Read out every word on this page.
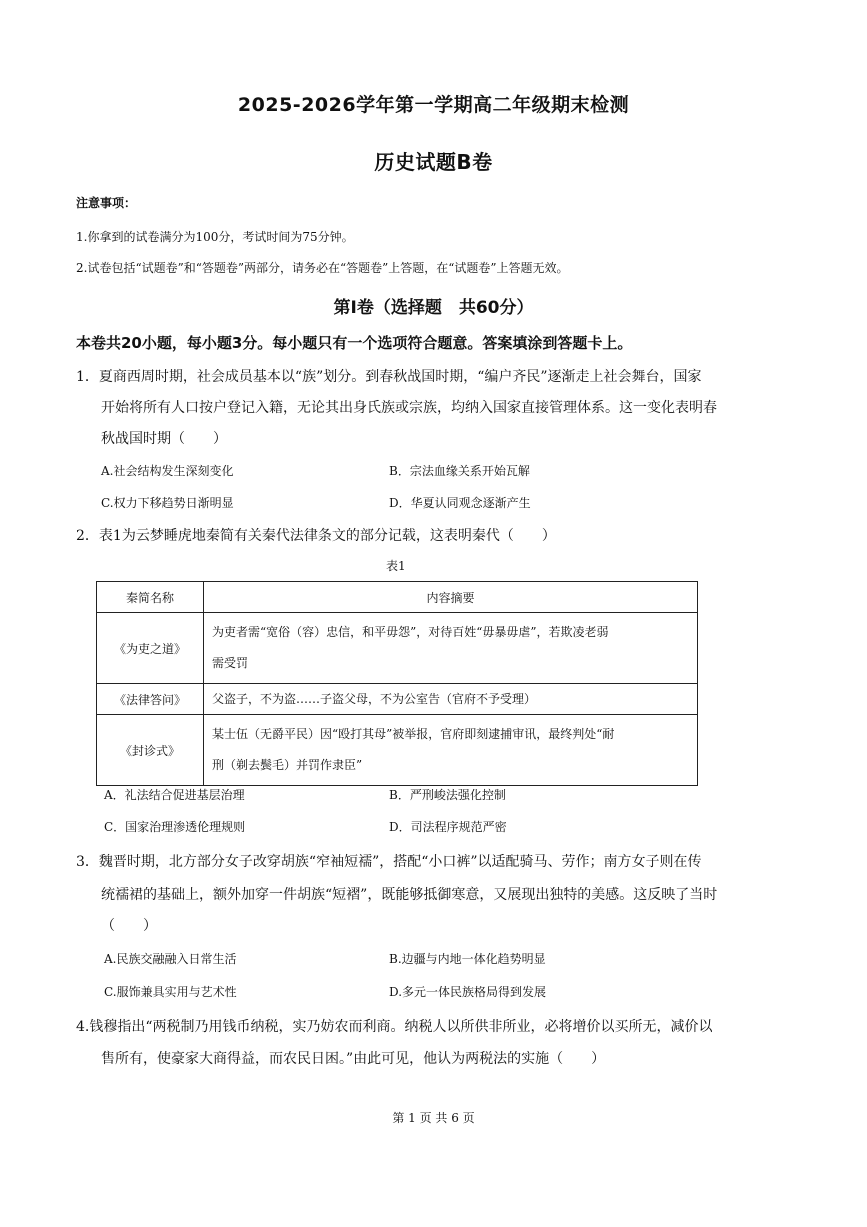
2025-2026学年第一学期高二年级期末检测
历史试题B卷
注意事项：
1.你拿到的试卷满分为100分，考试时间为75分钟。
2.试卷包括“试题卷”和“答题卷”两部分，请务必在“答题卷”上答题，在“试题卷”上答题无效。
第Ⅰ卷（选择题　共60分）
本卷共20小题，每小题3分。每小题只有一个选项符合题意。答案填涂到答题卡上。
1．夏商西周时期，社会成员基本以“族”划分。到春秋战国时期，“编户齐民”逐渐走上社会舞台，国家
开始将所有人口按户登记入籍，无论其出身氏族或宗族，均纳入国家直接管理体系。这一变化表明春
秋战国时期（　　）
A.社会结构发生深刻变化	B．宗法血缘关系开始瓦解
C.权力下移趋势日渐明显	D．华夏认同观念逐渐产生
2．表1为云梦睡虎地秦简有关秦代法律条文的部分记载，这表明秦代（　　）
表1
秦简名称	内容摘要
《为吏之道》	为吏者需“宽俗（容）忠信，和平毋怨”，对待百姓“毋暴毋虐”，若欺凌老弱
需受罚

《法律答问》	父盗子，不为盗……子盗父母，不为公室告（官府不予受理）

《封诊式》	某士伍（无爵平民）因“殴打其母”被举报，官府即刻逮捕审讯，最终判处“耐
刑（剃去鬓毛）并罚作隶臣”
A．礼法结合促进基层治理	B．严刑峻法强化控制
C．国家治理渗透伦理规则	D．司法程序规范严密
3．魏晋时期，北方部分女子改穿胡族“窄袖短襦”，搭配“小口裤”以适配骑马、劳作；南方女子则在传
统襦裙的基础上，额外加穿一件胡族“短褶”，既能够抵御寒意，又展现出独特的美感。这反映了当时
（　　）
A.民族交融融入日常生活	B.边疆与内地一体化趋势明显
C.服饰兼具实用与艺术性	D.多元一体民族格局得到发展
4.钱穆指出“两税制乃用钱币纳税，实乃妨农而利商。纳税人以所供非所业，必将增价以买所无，减价以
售所有，使豪家大商得益，而农民日困。”由此可见，他认为两税法的实施（　　）
第 1 页 共 6 页
